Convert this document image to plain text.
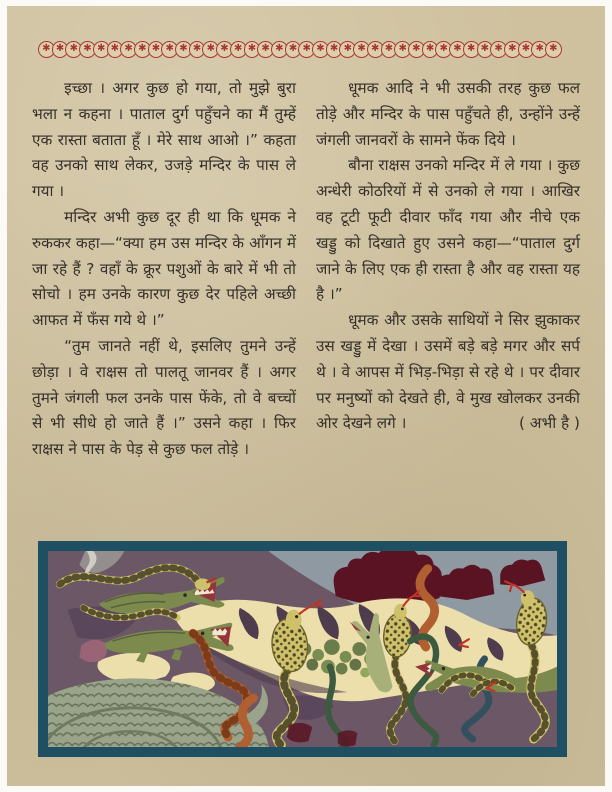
✱ ✱ ✱ ✱ ✱ ✱ ✱ ✱ ✱ ✱ ✱ ✱ ✱ ✱ ✱ ✱ ✱ ✱ ✱ ✱ ✱ ✱ ✱ ✱ ✱ ✱ ✱ ✱ ✱ ✱ ✱ ✱ ✱ ✱ ✱ ✱ ✱ ✱

इच्छा । अगर कुछ हो गया, तो मुझे बुरा भला न कहना । पाताल दुर्ग पहुँचने का मैं तुम्हें एक रास्ता बताता हूँ । मेरे साथ आओ ।” कहता वह उनको साथ लेकर, उजड़े मन्दिर के पास ले गया ।

मन्दिर अभी कुछ दूर ही था कि धूमक ने रुककर कहा—“क्या हम उस मन्दिर के आँगन में जा रहे हैं ? वहाँ के क्रूर पशुओं के बारे में भी तो सोचो । हम उनके कारण कुछ देर पहिले अच्छी आफत में फँस गये थे ।”

“तुम जानते नहीं थे, इसलिए तुमने उन्हें छोड़ा । वे राक्षस तो पालतू जानवर हैं । अगर तुमने जंगली फल उनके पास फेंके, तो वे बच्चों से भी सीधे हो जाते हैं ।” उसने कहा । फिर राक्षस ने पास के पेड़ से कुछ फल तोड़े ।

धूमक आदि ने भी उसकी तरह कुछ फल तोड़े और मन्दिर के पास पहुँचते ही, उन्होंने उन्हें जंगली जानवरों के सामने फेंक दिये ।

बौना राक्षस उनको मन्दिर में ले गया । कुछ अन्धेरी कोठरियों में से उनको ले गया । आखिर वह टूटी फूटी दीवार फाँद गया और नीचे एक खड्डु को दिखाते हुए उसने कहा—“पाताल दुर्ग जाने के लिए एक ही रास्ता है और वह रास्ता यह है ।”

धूमक और उसके साथियों ने सिर झुकाकर उस खड्डु में देखा । उसमें बड़े बड़े मगर और सर्प थे । वे आपस में भिड़-भिड़ा से रहे थे । पर दीवार पर मनुष्यों को देखते ही, वे मुख खोलकर उनकी ओर देखने लगे ।	( अभी है )
